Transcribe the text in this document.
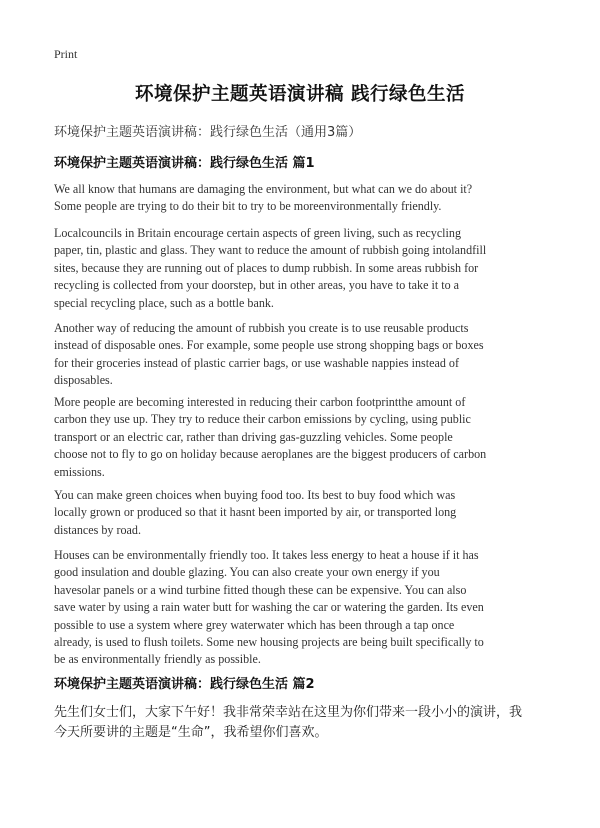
Print
环境保护主题英语演讲稿 践行绿色生活
环境保护主题英语演讲稿：践行绿色生活（通用3篇）
环境保护主题英语演讲稿：践行绿色生活 篇1

We all know that humans are damaging the environment, but what can we do about it?
Some people are trying to do their bit to try to be moreenvironmentally friendly.

Localcouncils in Britain encourage certain aspects of green living, such as recycling
paper, tin, plastic and glass. They want to reduce the amount of rubbish going intolandfill
sites, because they are running out of places to dump rubbish. In some areas rubbish for
recycling is collected from your doorstep, but in other areas, you have to take it to a
special recycling place, such as a bottle bank.

Another way of reducing the amount of rubbish you create is to use reusable products
instead of disposable ones. For example, some people use strong shopping bags or boxes
for their groceries instead of plastic carrier bags, or use washable nappies instead of
disposables.

More people are becoming interested in reducing their carbon footprintthe amount of
carbon they use up. They try to reduce their carbon emissions by cycling, using public
transport or an electric car, rather than driving gas-guzzling vehicles. Some people
choose not to fly to go on holiday because aeroplanes are the biggest producers of carbon
emissions.

You can make green choices when buying food too. Its best to buy food which was
locally grown or produced so that it hasnt been imported by air, or transported long
distances by road.

Houses can be environmentally friendly too. It takes less energy to heat a house if it has
good insulation and double glazing. You can also create your own energy if you
havesolar panels or a wind turbine fitted though these can be expensive. You can also
save water by using a rain water butt for washing the car or watering the garden. Its even
possible to use a system where grey waterwater which has been through a tap once
already, is used to flush toilets. Some new housing projects are being built specifically to
be as environmentally friendly as possible.

环境保护主题英语演讲稿：践行绿色生活 篇2

先生们女士们，大家下午好！我非常荣幸站在这里为你们带来一段小小的演讲，我
今天所要讲的主题是“生命”，我希望你们喜欢。
